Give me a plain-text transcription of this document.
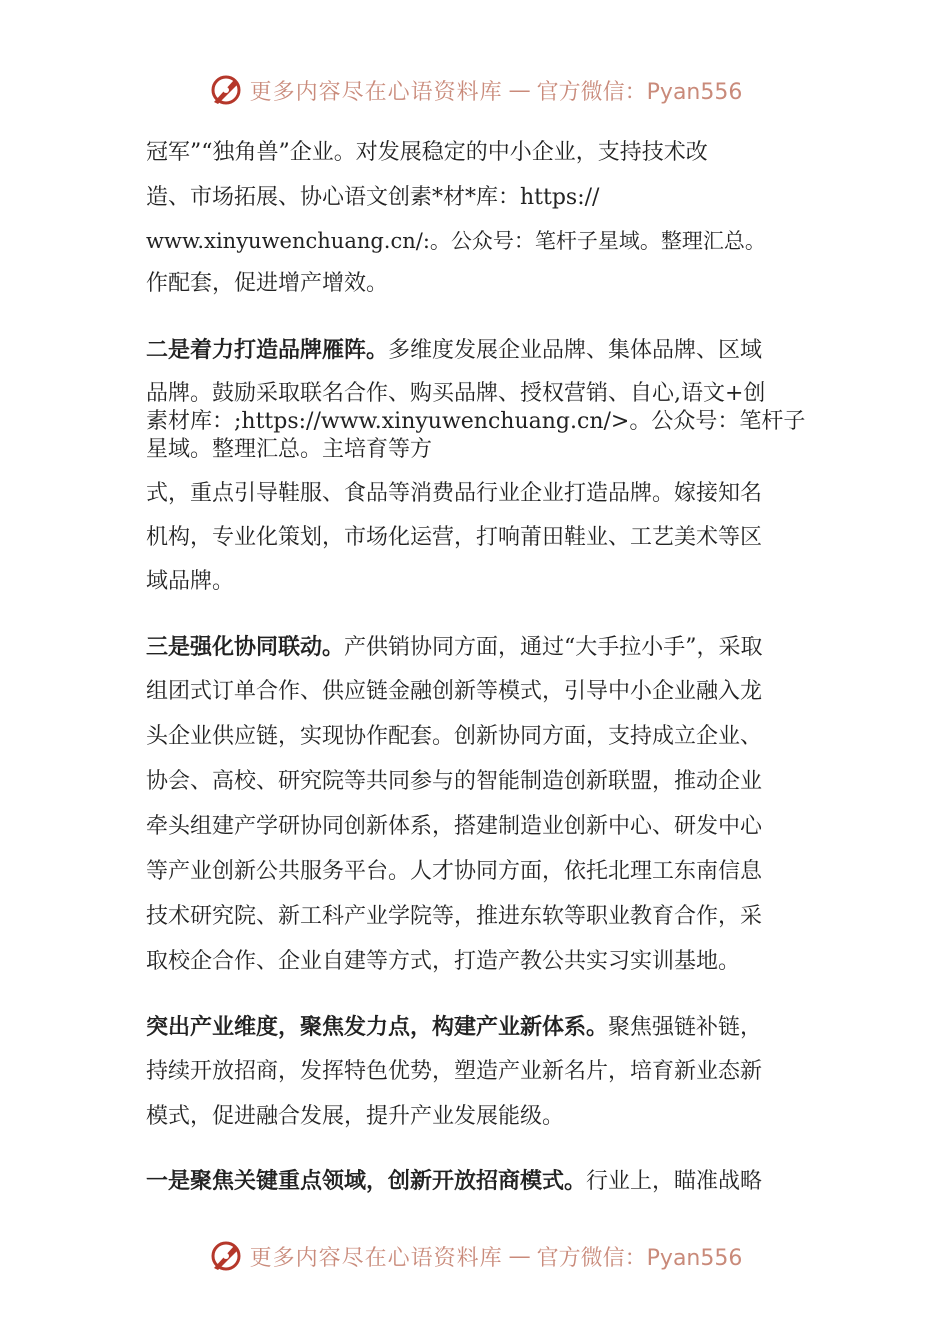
更多内容尽在心语资料库 — 官方微信：Pyan556
冠军”“独角兽”企业。对发展稳定的中小企业，支持技术改
造、市场拓展、协心语文创素*材*库：https://
www.xinyuwenchuang.cn/:。公众号：笔杆子星域。整理汇总。
作配套，促进增产增效。
二是着力打造品牌雁阵。多维度发展企业品牌、集体品牌、区域
品牌。鼓励采取联名合作、购买品牌、授权营销、自心,语文+创
素材库：;https://www.xinyuwenchuang.cn/>。公众号：笔杆子
星域。整理汇总。主培育等方
式，重点引导鞋服、食品等消费品行业企业打造品牌。嫁接知名
机构，专业化策划，市场化运营，打响莆田鞋业、工艺美术等区
域品牌。
三是强化协同联动。产供销协同方面，通过“大手拉小手”，采取
组团式订单合作、供应链金融创新等模式，引导中小企业融入龙
头企业供应链，实现协作配套。创新协同方面，支持成立企业、
协会、高校、研究院等共同参与的智能制造创新联盟，推动企业
牵头组建产学研协同创新体系，搭建制造业创新中心、研发中心
等产业创新公共服务平台。人才协同方面，依托北理工东南信息
技术研究院、新工科产业学院等，推进东软等职业教育合作，采
取校企合作、企业自建等方式，打造产教公共实习实训基地。
突出产业维度，聚焦发力点，构建产业新体系。聚焦强链补链，
持续开放招商，发挥特色优势，塑造产业新名片，培育新业态新
模式，促进融合发展，提升产业发展能级。
一是聚焦关键重点领域，创新开放招商模式。行业上，瞄准战略
更多内容尽在心语资料库 — 官方微信：Pyan556
